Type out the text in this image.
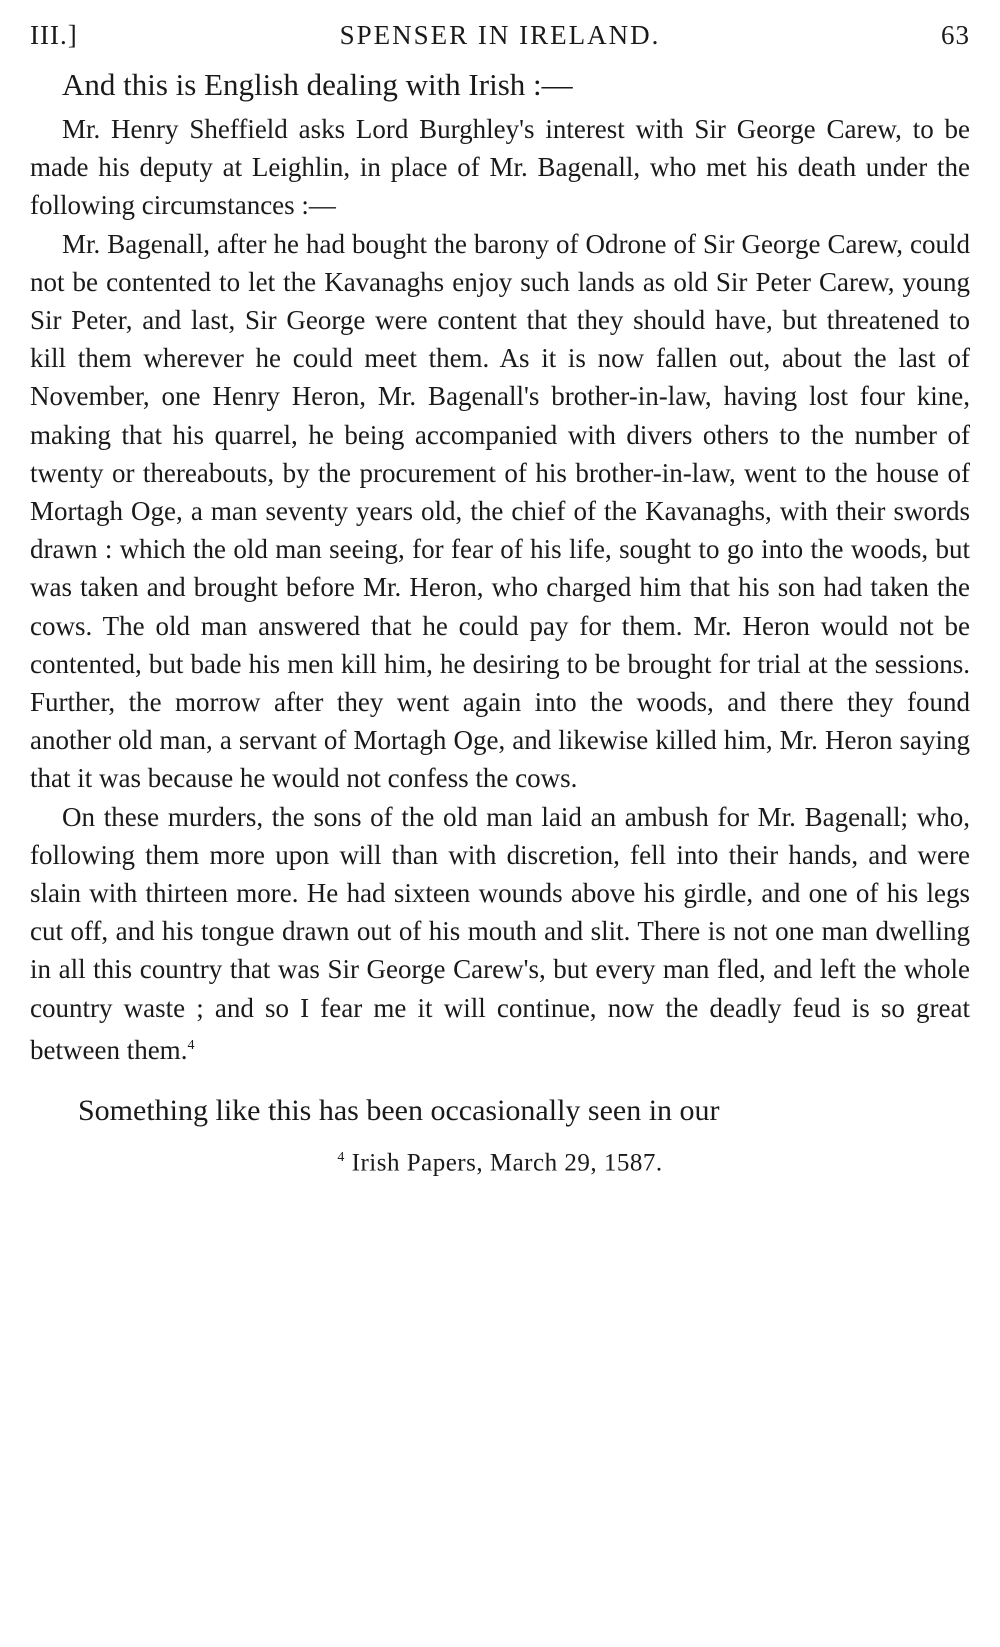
III.]	SPENSER IN IRELAND.	63
And this is English dealing with Irish :—

Mr. Henry Sheffield asks Lord Burghley's interest with Sir George Carew, to be made his deputy at Leighlin, in place of Mr. Bagenall, who met his death under the following circumstances :—

Mr. Bagenall, after he had bought the barony of Odrone of Sir George Carew, could not be contented to let the Kavanaghs enjoy such lands as old Sir Peter Carew, young Sir Peter, and last, Sir George were content that they should have, but threatened to kill them wherever he could meet them. As it is now fallen out, about the last of November, one Henry Heron, Mr. Bagenall's brother-in-law, having lost four kine, making that his quarrel, he being accompanied with divers others to the number of twenty or thereabouts, by the procurement of his brother-in-law, went to the house of Mortagh Oge, a man seventy years old, the chief of the Kavanaghs, with their swords drawn : which the old man seeing, for fear of his life, sought to go into the woods, but was taken and brought before Mr. Heron, who charged him that his son had taken the cows. The old man answered that he could pay for them. Mr. Heron would not be contented, but bade his men kill him, he desiring to be brought for trial at the sessions. Further, the morrow after they went again into the woods, and there they found another old man, a servant of Mortagh Oge, and likewise killed him, Mr. Heron saying that it was because he would not confess the cows.

On these murders, the sons of the old man laid an ambush for Mr. Bagenall; who, following them more upon will than with discretion, fell into their hands, and were slain with thirteen more. He had sixteen wounds above his girdle, and one of his legs cut off, and his tongue drawn out of his mouth and slit. There is not one man dwelling in all this country that was Sir George Carew's, but every man fled, and left the whole country waste ; and so I fear me it will continue, now the deadly feud is so great between them.$^4$

Something like this has been occasionally seen in our
$^4$ Irish Papers, March 29, 1587.
